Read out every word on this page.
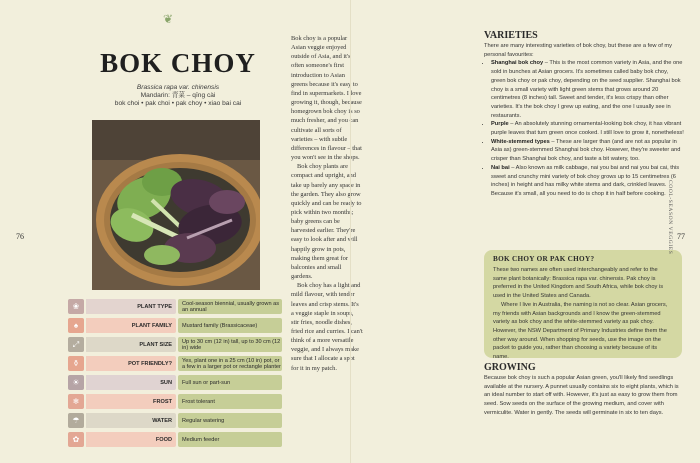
❦
BOK CHOY
Brassica rapa var. chinensis
Mandarin: 青菜 – qīng cài
bok choi • pak choi • pak choy • xiao bai cai
76
❀	PLANT TYPE	Cool-season biennial, usually grown as an annual
♠	PLANT FAMILY	Mustard family (Brassicaceae)
⤢	PLANT SIZE	Up to 30 cm (12 in) tall, up to 30 cm (12 in) wide
⚱	POT FRIENDLY?	Yes, plant one in a 25 cm (10 in) pot, or a few in a larger pot or rectangle planter
☀	SUN	Full sun or part-sun
❄	FROST	Frost tolerant
☂	WATER	Regular watering
✿	FOOD	Medium feeder

Bok choy is a popular Asian veggie enjoyed outside of Asia, and it's often someone's first introduction to Asian greens because it's easy to find in supermarkets. I love growing it, though, because homegrown bok choy is so much fresher, and you can cultivate all sorts of varieties – with subtle differences in flavour – that you won't see in the shops.

Bok choy plants are compact and upright, and take up barely any space in the garden. They also grow quickly and can be ready to pick within two months; baby greens can be harvested earlier. They're easy to look after and will happily grow in pots, making them great for balconies and small gardens.

Bok choy has a light and mild flavour, with tender leaves and crisp stems. It's a veggie staple in soups, stir fries, noodle dishes, fried rice and curries. I can't think of a more versatile veggie, and I always make sure that I allocate a spot for it in my patch.

VARIETIES
There are many interesting varieties of bok choy, but these are a few of my personal favourites:
• Shanghai bok choy – This is the most common variety in Asia, and the one sold in bunches at Asian grocers. It's sometimes called baby bok choy, green bok choy or pak choy, depending on the seed supplier. Shanghai bok choy is a small variety with light green stems that grows around 20 centimetres (8 inches) tall. Sweet and tender, it's less crispy than other varieties. It's the bok choy I grew up eating, and the one I usually see in restaurants.
• Purple – An absolutely stunning ornamental-looking bok choy, it has vibrant purple leaves that turn green once cooked. I still love to grow it, nonetheless!
• White-stemmed types – These are larger than (and are not as popular in Asia as) green-stemmed Shanghai bok choy. However, they're sweeter and crisper than Shanghai bok choy, and taste a bit watery, too.
• Nai bai – Also known as milk cabbage, nai you bai and nai you bai cai, this sweet and crunchy mini variety of bok choy grows up to 15 centimetres (6 inches) in height and has milky white stems and dark, crinkled leaves. Because it's small, all you need to do is chop it in half before cooking.
BOK CHOY OR PAK CHOY?
These two names are often used interchangeably and refer to the same plant botanically: Brassica rapa var. chinensis. Pak choy is preferred in the United Kingdom and South Africa, while bok choy is used in the United States and Canada.
Where I live in Australia, the naming is not so clear. Asian grocers, my friends with Asian backgrounds and I know the green-stemmed variety as bok choy and the white-stemmed variety as pak choy. However, the NSW Department of Primary Industries define them the other way around. When shopping for seeds, use the image on the packet to guide you, rather than choosing a variety because of its name.
GROWING
Because bok choy is such a popular Asian green, you'll likely find seedlings available at the nursery. A punnet usually contains six to eight plants, which is an ideal number to start off with. However, it's just as easy to grow them from seed. Sow seeds on the surface of the growing medium, and cover with vermiculite. Water in gently. The seeds will germinate in six to ten days.
COOL-SEASON VEGGIES 77
